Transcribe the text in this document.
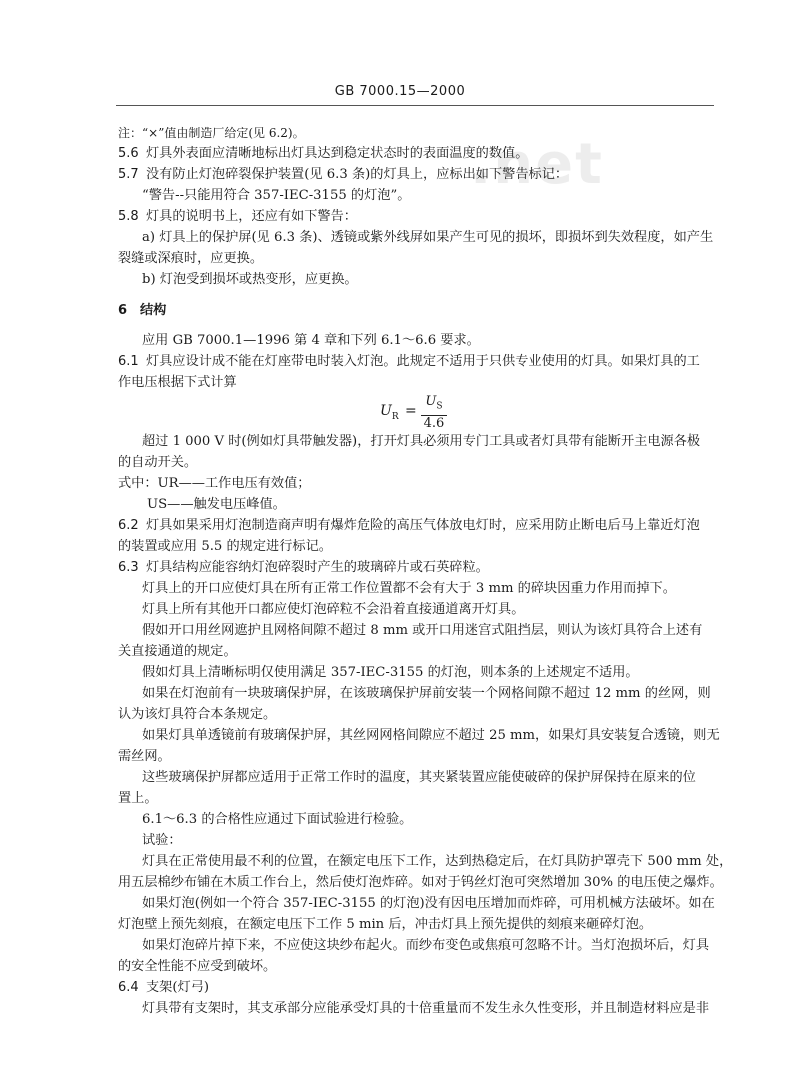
GB 7000.15—2000
.net
注：“×”值由制造厂给定(见 6.2)。
5.6 灯具外表面应清晰地标出灯具达到稳定状态时的表面温度的数值。
5.7 没有防止灯泡碎裂保护装置(见 6.3 条)的灯具上，应标出如下警告标记：
“警告--只能用符合 357-IEC-3155 的灯泡”。
5.8 灯具的说明书上，还应有如下警告：
a) 灯具上的保护屏(见 6.3 条)、透镜或紫外线屏如果产生可见的损坏，即损坏到失效程度，如产生
裂缝或深痕时，应更换。
b) 灯泡受到损坏或热变形，应更换。
6 结构
应用 GB 7000.1—1996 第 4 章和下列 6.1～6.6 要求。
6.1 灯具应设计成不能在灯座带电时装入灯泡。此规定不适用于只供专业使用的灯具。如果灯具的工
作电压根据下式计算
超过 1 000 V 时(例如灯具带触发器)，打开灯具必须用专门工具或者灯具带有能断开主电源各极
的自动开关。
式中：UR——工作电压有效值；
US——触发电压峰值。
6.2 灯具如果采用灯泡制造商声明有爆炸危险的高压气体放电灯时，应采用防止断电后马上靠近灯泡
的装置或应用 5.5 的规定进行标记。
6.3 灯具结构应能容纳灯泡碎裂时产生的玻璃碎片或石英碎粒。
灯具上的开口应使灯具在所有正常工作位置都不会有大于 3 mm 的碎块因重力作用而掉下。
灯具上所有其他开口都应使灯泡碎粒不会沿着直接通道离开灯具。
假如开口用丝网遮护且网格间隙不超过 8 mm 或开口用迷宫式阻挡层，则认为该灯具符合上述有
关直接通道的规定。
假如灯具上清晰标明仅使用满足 357-IEC-3155 的灯泡，则本条的上述规定不适用。
如果在灯泡前有一块玻璃保护屏，在该玻璃保护屏前安装一个网格间隙不超过 12 mm 的丝网，则
认为该灯具符合本条规定。
如果灯具单透镜前有玻璃保护屏，其丝网网格间隙应不超过 25 mm，如果灯具安装复合透镜，则无
需丝网。
这些玻璃保护屏都应适用于正常工作时的温度，其夹紧装置应能使破碎的保护屏保持在原来的位
置上。
6.1～6.3 的合格性应通过下面试验进行检验。
试验：
灯具在正常使用最不利的位置，在额定电压下工作，达到热稳定后，在灯具防护罩壳下 500 mm 处，
用五层棉纱布铺在木质工作台上，然后使灯泡炸碎。如对于钨丝灯泡可突然增加 30% 的电压使之爆炸。
如果灯泡(例如一个符合 357-IEC-3155 的灯泡)没有因电压增加而炸碎，可用机械方法破坏。如在
灯泡壁上预先刻痕，在额定电压下工作 5 min 后，冲击灯具上预先提供的刻痕来砸碎灯泡。
如果灯泡碎片掉下来，不应使这块纱布起火。而纱布变色或焦痕可忽略不计。当灯泡损坏后，灯具
的安全性能不应受到破坏。
6.4 支架(灯弓)
灯具带有支架时，其支承部分应能承受灯具的十倍重量而不发生永久性变形，并且制造材料应是非
$U_R$ =
$U_S$
4.6
